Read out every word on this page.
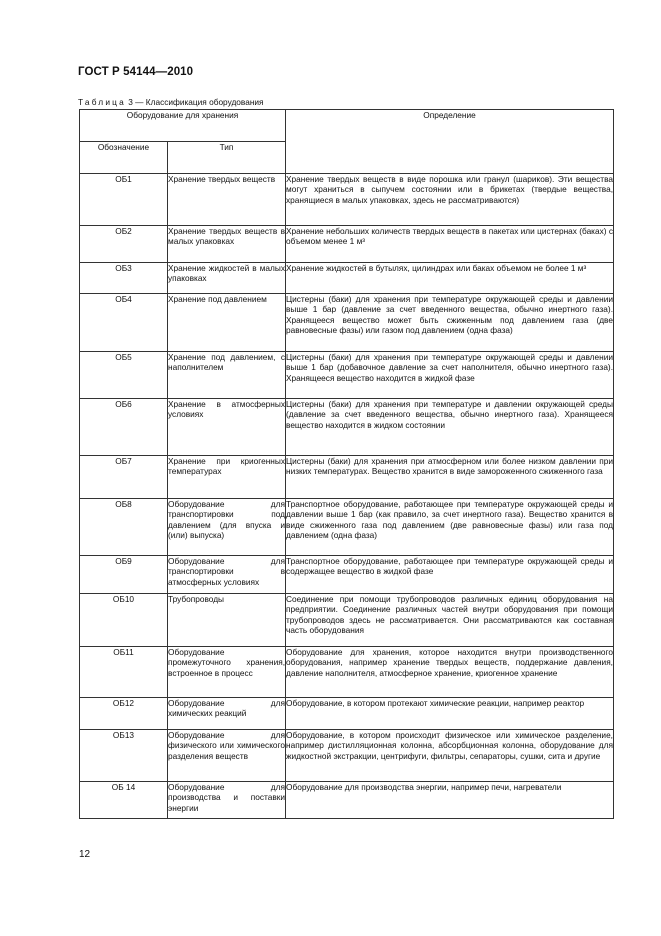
ГОСТ Р 54144—2010
Таблица 3 — Классификация оборудования
Оборудование для хранения		Определение
Обозначение	Тип	
ОБ1	Хранение твердых веществ	Хранение твердых веществ в виде порошка или гранул (шариков). Эти вещества могут храниться в сыпучем состоянии или в брикетах (твердые вещества, хранящиеся в малых упаковках, здесь не рассматриваются)
ОБ2	Хранение твердых веществ в малых упаковках	Хранение небольших количеств твердых веществ в пакетах или цистернах (баках) с объемом менее 1 м³
ОБ3	Хранение жидкостей в малых упаковках	Хранение жидкостей в бутылях, цилиндрах или баках объемом не более 1 м³
ОБ4	Хранение под давлением	Цистерны (баки) для хранения при температуре окружающей среды и давлении выше 1 бар (давление за счет введенного вещества, обычно инертного газа). Хранящееся вещество может быть сжиженным под давлением газа (две равновесные фазы) или газом под давлением (одна фаза)
ОБ5	Хранение под давлением, с наполнителем	Цистерны (баки) для хранения при температуре окружающей среды и давлении выше 1 бар (добавочное давление за счет наполнителя, обычно инертного газа). Хранящееся вещество находится в жидкой фазе
ОБ6	Хранение в атмосферных условиях	Цистерны (баки) для хранения при температуре и давлении окружающей среды (давление за счет введенного вещества, обычно инертного газа). Хранящееся вещество находится в жидком состоянии
ОБ7	Хранение при криогенных температурах	Цистерны (баки) для хранения при атмосферном или более низком давлении при низких температурах. Вещество хранится в виде замороженного сжиженного газа
ОБ8	Оборудование для транспортировки под давлением (для впуска и (или) выпуска)	Транспортное оборудование, работающее при температуре окружающей среды и давлении выше 1 бар (как правило, за счет инертного газа). Вещество хранится в виде сжиженного газа под давлением (две равновесные фазы) или газа под давлением (одна фаза)
ОБ9	Оборудование для транспортировки в атмосферных условиях	Транспортное оборудование, работающее при температуре окружающей среды и содержащее вещество в жидкой фазе
ОБ10	Трубопроводы	Соединение при помощи трубопроводов различных единиц оборудования на предприятии. Соединение различных частей внутри оборудования при помощи трубопроводов здесь не рассматривается. Они рассматриваются как составная часть оборудования
ОБ11	Оборудование промежуточного хранения, встроенное в процесс	Оборудование для хранения, которое находится внутри производственного оборудования, например хранение твердых веществ, поддержание давления, давление наполнителя, атмосферное хранение, криогенное хранение
ОБ12	Оборудование для химических реакций	Оборудование, в котором протекают химические реакции, например реактор
ОБ13	Оборудование для физического или химического разделения веществ	Оборудование, в котором происходит физическое или химическое разделение, например дистилляционная колонна, абсорбционная колонна, оборудование для жидкостной экстракции, центрифуги, фильтры, сепараторы, сушки, сита и другие
ОБ 14	Оборудование для производства и поставки энергии	Оборудование для производства энергии, например печи, нагреватели
12
